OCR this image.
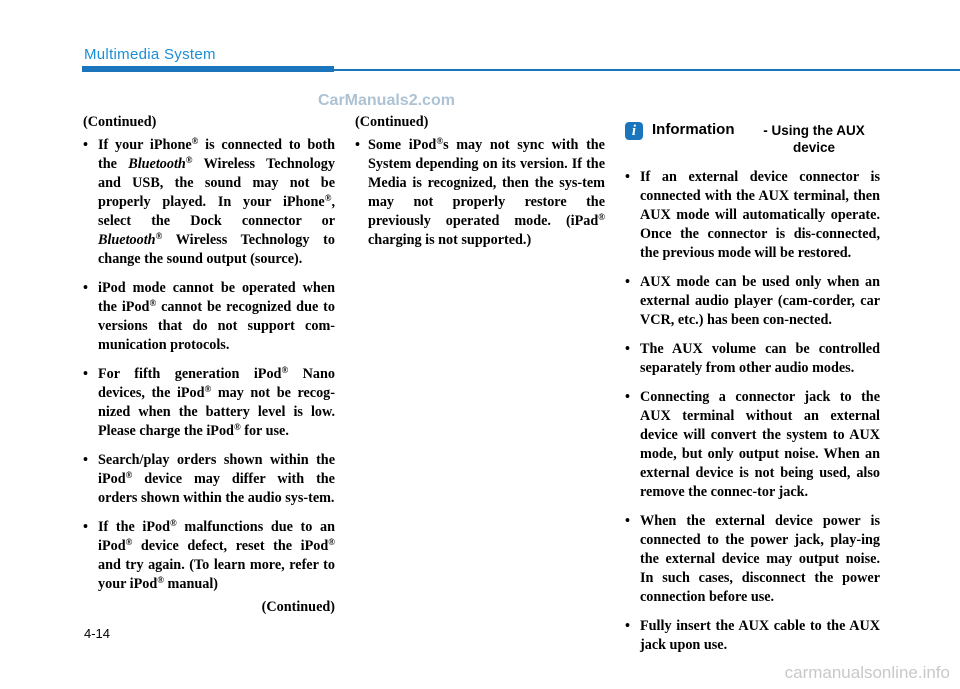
Multimedia System
CarManuals2.com
(Continued)
• If your iPhone® is connected to both the Bluetooth® Wireless Technology and USB, the sound may not be properly played. In your iPhone®, select the Dock connector or Bluetooth® Wireless Technology to change the sound output (source).
• iPod mode cannot be operated when the iPod® cannot be recognized due to versions that do not support com-munication protocols.
• For fifth generation iPod® Nano devices, the iPod® may not be recog-nized when the battery level is low. Please charge the iPod® for use.
• Search/play orders shown within the iPod® device may differ with the orders shown within the audio sys-tem.
• If the iPod® malfunctions due to an iPod® device defect, reset the iPod® and try again. (To learn more, refer to your iPod® manual)
(Continued)
(Continued)
• Some iPod®s may not sync with the System depending on its version. If the Media is recognized, then the sys-tem may not properly restore the previously operated mode. (iPad® charging is not supported.)
i	Information	- Using the AUX device
• If an external device connector is connected with the AUX terminal, then AUX mode will automatically operate. Once the connector is dis-connected, the previous mode will be restored.
• AUX mode can be used only when an external audio player (cam-corder, car VCR, etc.) has been con-nected.
• The AUX volume can be controlled separately from other audio modes.
• Connecting a connector jack to the AUX terminal without an external device will convert the system to AUX mode, but only output noise. When an external device is not being used, also remove the connec-tor jack.
• When the external device power is connected to the power jack, play-ing the external device may output noise. In such cases, disconnect the power connection before use.
• Fully insert the AUX cable to the AUX jack upon use.
4-14
carmanualsonline.info
